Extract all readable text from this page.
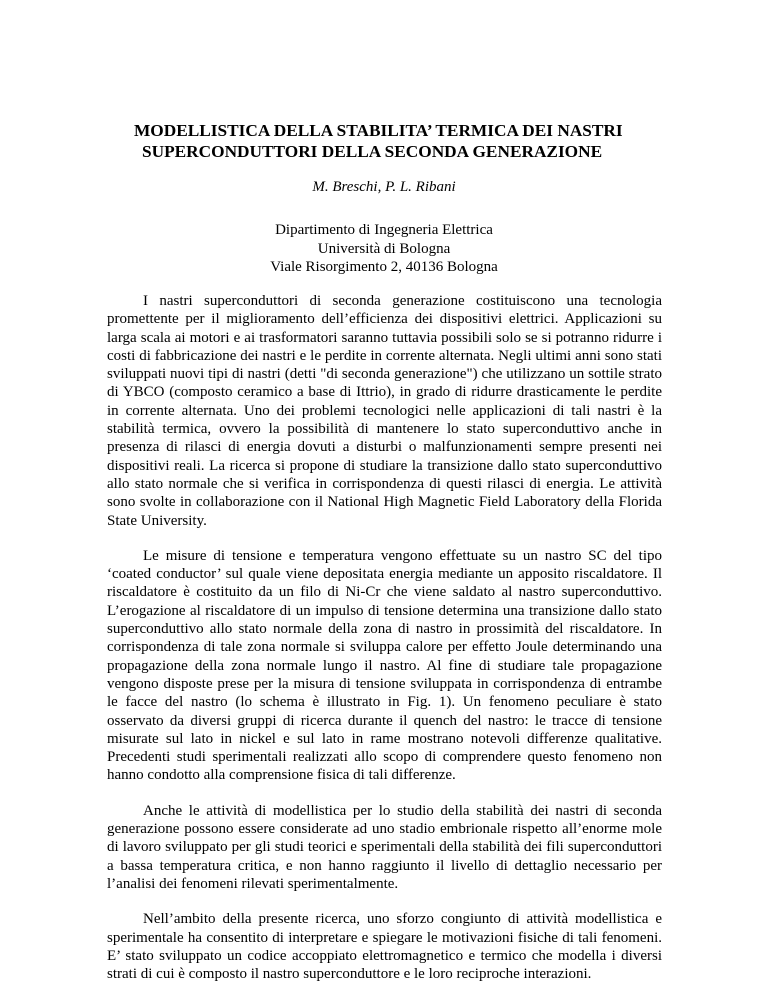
MODELLISTICA DELLA STABILITA’ TERMICA DEI NASTRI
SUPERCONDUTTORI DELLA SECONDA GENERAZIONE
M. Breschi, P. L. Ribani
Dipartimento di Ingegneria Elettrica
Università di Bologna
Viale Risorgimento 2, 40136 Bologna

I nastri superconduttori di seconda generazione costituiscono una tecnologia promettente per il miglioramento dell’efficienza dei dispositivi elettrici. Applicazioni su larga scala ai motori e ai trasformatori saranno tuttavia possibili solo se si potranno ridurre i costi di fabbricazione dei nastri e le perdite in corrente alternata. Negli ultimi anni sono stati sviluppati nuovi tipi di nastri (detti "di seconda generazione") che utilizzano un sottile strato di YBCO (composto ceramico a base di Ittrio), in grado di ridurre drasticamente le perdite in corrente alternata. Uno dei problemi tecnologici nelle applicazioni di tali nastri è la stabilità termica, ovvero la possibilità di mantenere lo stato superconduttivo anche in presenza di rilasci di energia dovuti a disturbi o malfunzionamenti sempre presenti nei dispositivi reali. La ricerca si propone di studiare la transizione dallo stato superconduttivo allo stato normale che si verifica in corrispondenza di questi rilasci di energia. Le attività sono svolte in collaborazione con il National High Magnetic Field Laboratory della Florida State University.

Le misure di tensione e temperatura vengono effettuate su un nastro SC del tipo ‘coated conductor’ sul quale viene depositata energia mediante un apposito riscaldatore. Il riscaldatore è costituito da un filo di Ni-Cr che viene saldato al nastro superconduttivo. L’erogazione al riscaldatore di un impulso di tensione determina una transizione dallo stato superconduttivo allo stato normale della zona di nastro in prossimità del riscaldatore. In corrispondenza di tale zona normale si sviluppa calore per effetto Joule determinando una propagazione della zona normale lungo il nastro. Al fine di studiare tale propagazione vengono disposte prese per la misura di tensione sviluppata in corrispondenza di entrambe le facce del nastro (lo schema è illustrato in Fig. 1). Un fenomeno peculiare è stato osservato da diversi gruppi di ricerca durante il quench del nastro: le tracce di tensione misurate sul lato in nickel e sul lato in rame mostrano notevoli differenze qualitative. Precedenti studi sperimentali realizzati allo scopo di comprendere questo fenomeno non hanno condotto alla comprensione fisica di tali differenze.

Anche le attività di modellistica per lo studio della stabilità dei nastri di seconda generazione possono essere considerate ad uno stadio embrionale rispetto all’enorme mole di lavoro sviluppato per gli studi teorici e sperimentali della stabilità dei fili superconduttori a bassa temperatura critica, e non hanno raggiunto il livello di dettaglio necessario per l’analisi dei fenomeni rilevati sperimentalmente.

Nell’ambito della presente ricerca, uno sforzo congiunto di attività modellistica e sperimentale ha consentito di interpretare e spiegare le motivazioni fisiche di tali fenomeni. E’ stato sviluppato un codice accoppiato elettromagnetico e termico che modella i diversi strati di cui è composto il nastro superconduttore e le loro reciproche interazioni.
